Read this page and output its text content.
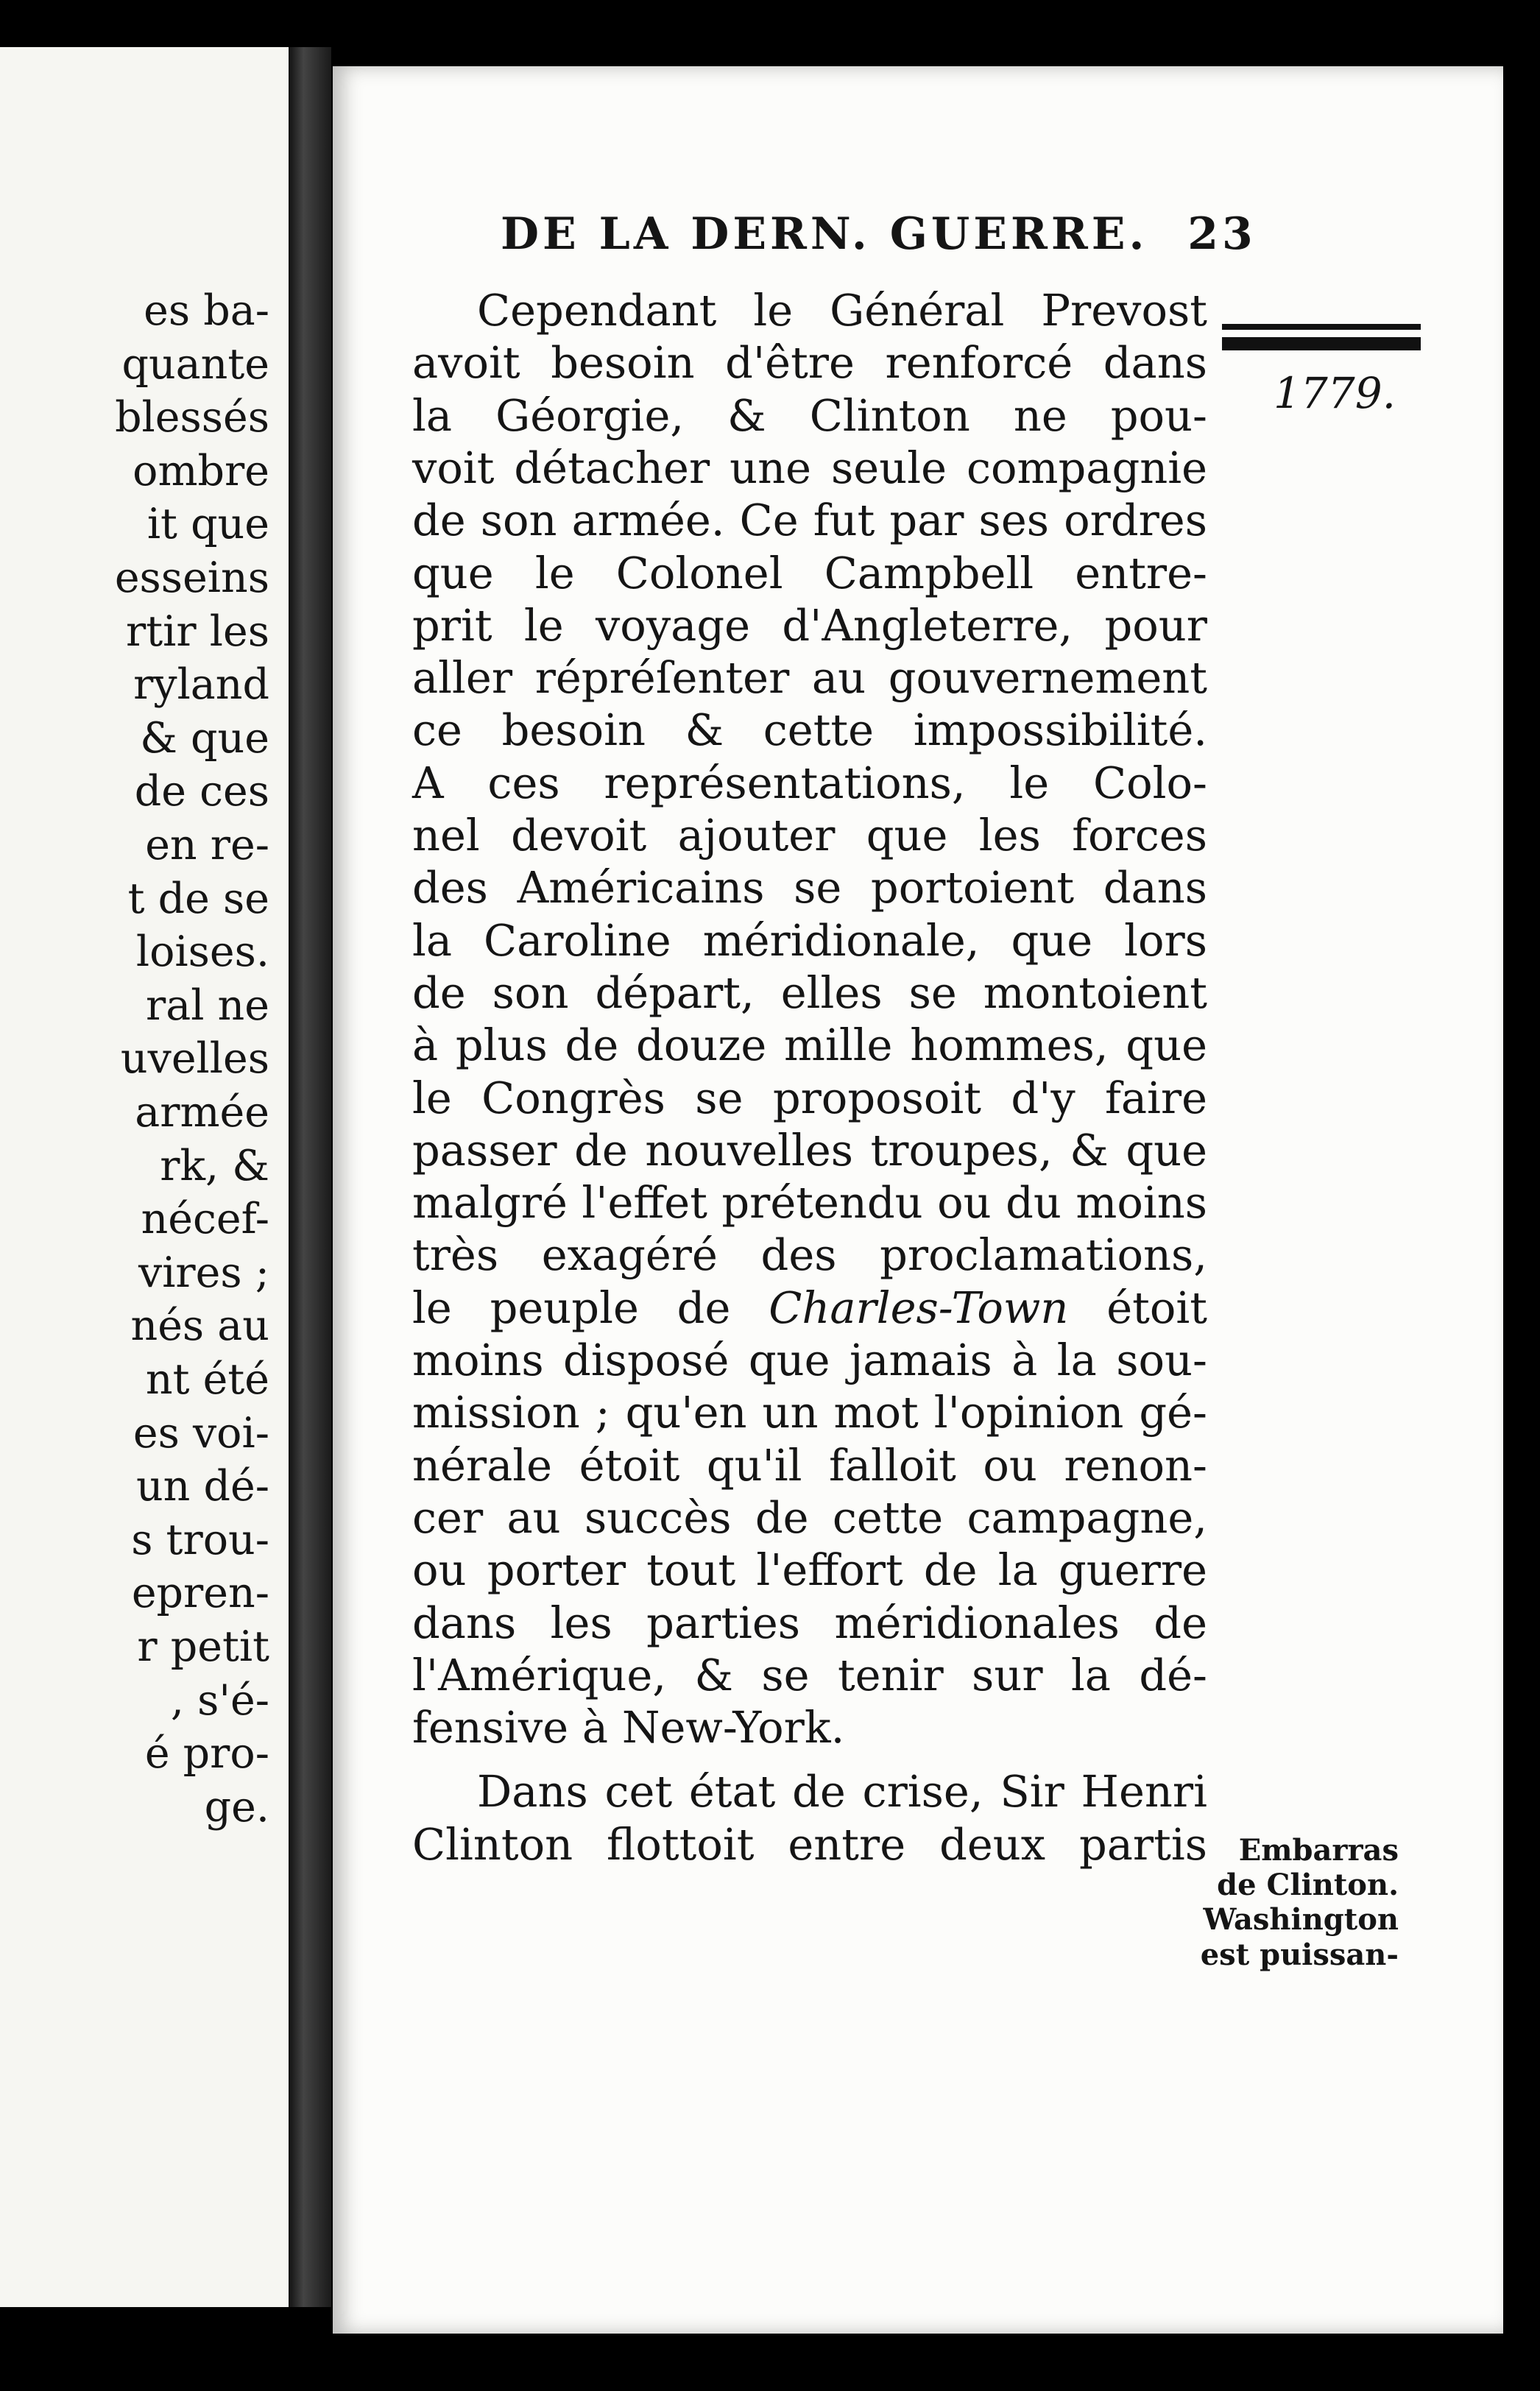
es ba-
quante
blessés
ombre
it que
esseins
rtir les
ryland
& que
de ces
en re-
t de se
loises.
ral ne
uvelles
armée
rk, &
nécef-
vires ;
nés au
nt été
es voi-
un dé-
s trou-
epren-
r petit
, s'é-
é pro-
ge.
DE LA DERN. GUERRE. 23
1779.
Cependant le Général Prevost
avoit besoin d'être renforcé dans
la Géorgie, & Clinton ne pou-
voit détacher une seule compagnie
de son armée. Ce fut par ses ordres
que le Colonel Campbell entre-
prit le voyage d'Angleterre, pour
aller répréſenter au gouvernement
ce besoin & cette impossibilité.
A ces représentations, le Colo-
nel devoit ajouter que les forces
des Américains se portoient dans
la Caroline méridionale, que lors
de son départ, elles se montoient
à plus de douze mille hommes, que
le Congrès se proposoit d'y faire
passer de nouvelles troupes, & que
malgré l'effet prétendu ou du moins
très exagéré des proclamations,
le peuple de Charles-Town étoit
moins disposé que jamais à la sou-
mission ; qu'en un mot l'opinion gé-
nérale étoit qu'il falloit ou renon-
cer au succès de cette campagne,
ou porter tout l'effort de la guerre
dans les parties méridionales de
l'Amérique, & se tenir sur la dé-
fensive à New-York.
Dans cet état de crise, Sir Henri
Clinton flottoit entre deux partis	Embarras
de Clinton.
Washington
est puissan-
